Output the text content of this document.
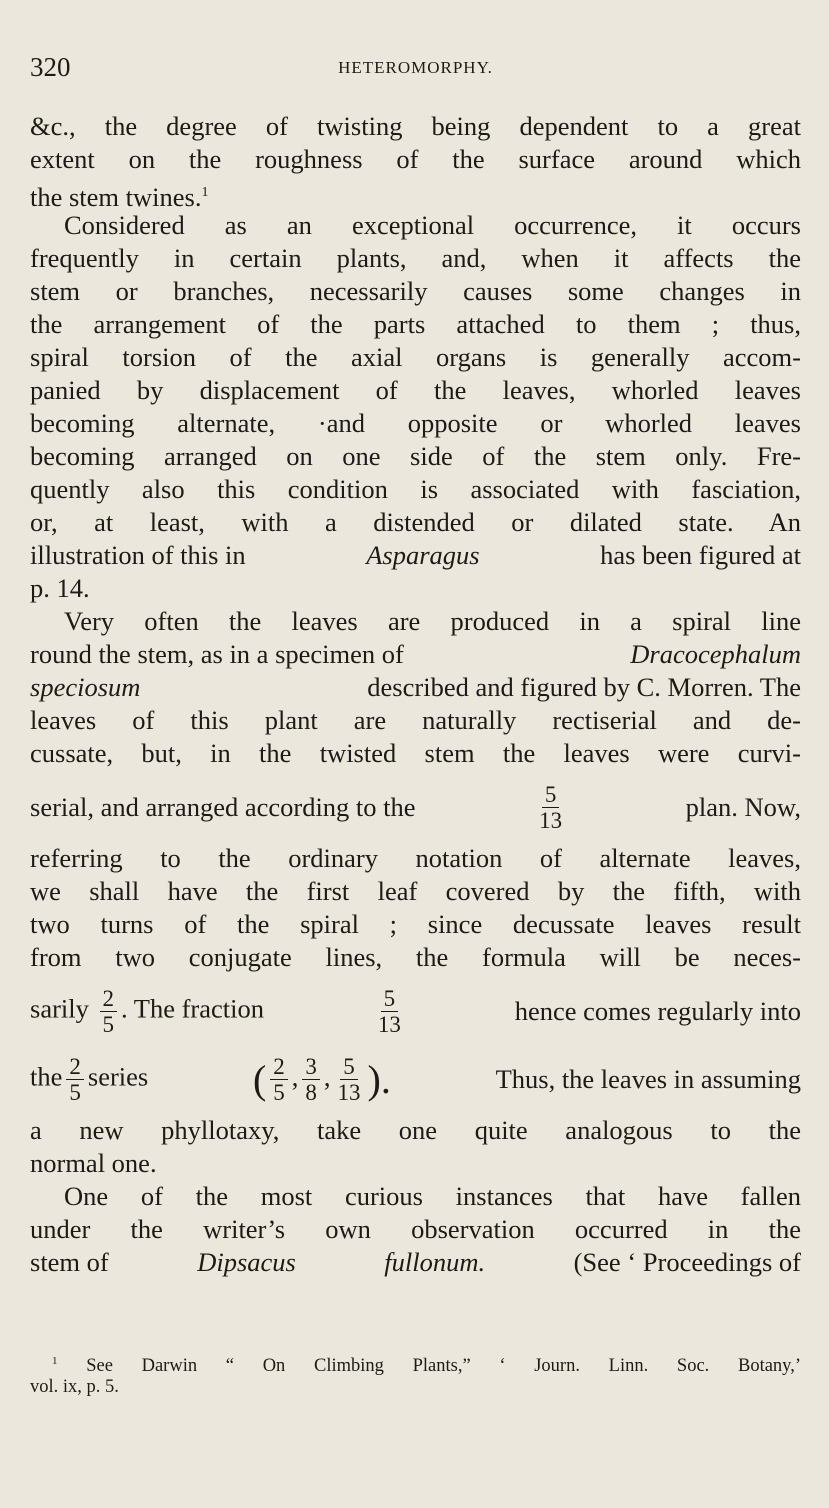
320	HETEROMORPHY.
&c., the degree of twisting being dependent to a great
extent on the roughness of the surface around which
the stem twines.$^1$
Considered as an exceptional occurrence, it occurs
frequently in certain plants, and, when it affects the
stem or branches, necessarily causes some changes in
the arrangement of the parts attached to them ; thus,
spiral torsion of the axial organs is generally accom-
panied by displacement of the leaves, whorled leaves
becoming alternate, ·and opposite or whorled leaves
becoming arranged on one side of the stem only. Fre-
quently also this condition is associated with fasciation,
or, at least, with a distended or dilated state. An
illustration of this in	Asparagus	has been figured at
p. 14.
Very often the leaves are produced in a spiral line
round the stem, as in a specimen of	Dracocephalum
speciosum	described and figured by C. Morren. The
leaves of this plant are naturally rectiserial and de-
cussate, but, in the twisted stem the leaves were curvi-
serial, and arranged according to the	$\frac{5}{13}$	plan. Now,
referring to the ordinary notation of alternate leaves,
we shall have the first leaf covered by the fifth, with
two turns of the spiral ; since decussate leaves result
from two conjugate lines, the formula will be neces-
sarily $\frac{2}{5}$ . The fraction	$\frac{5}{13}$	hence comes regularly into
the $\frac{2}{5}$ series	( $\frac{2}{5}$ , $\frac{3}{8}$ , $\frac{5}{13}$ ).	Thus, the leaves in assuming
a new phyllotaxy, take one quite analogous to the
normal one.
One of the most curious instances that have fallen
under the writer’s own observation occurred in the
stem of	Dipsacus fullonum.	(See ‘ Proceedings of
$^1$ See Darwin “ On Climbing Plants,” ‘ Journ. Linn. Soc. Botany,’
vol. ix, p. 5.
